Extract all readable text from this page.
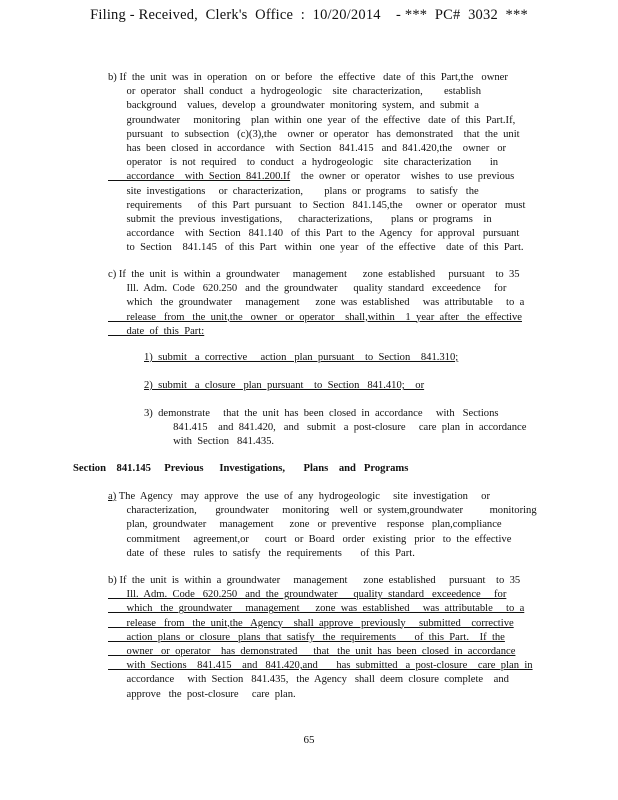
Filing - Received,  Clerk's  Office  :  10/20/2014    - ***  PC#  3032  ***
b) If  the  unit  was  in  operation   on  or  before   the  effective   date  of  this  Part,the   owner
or  operator   shall  conduct   a  hydrogeologic    site  characterization,        establish
background    values,  develop  a  groundwater  monitoring  system,  and  submit  a
groundwater     monitoring    plan  within  one  year  of  the  effective   date  of  this  Part.If,
pursuant   to  subsection   (c)(3),the    owner  or  operator   has  demonstrated    that  the  unit
has  been  closed  in  accordance    with  Section   841.415   and  841.420,the    owner   or
operator   is  not  required    to  conduct   a  hydrogeologic    site  characterization       in
accordance    with  Section  841.200.If    the  owner  or  operator    wishes  to  use  previous
site  investigations     or  characterization,        plans  or  programs    to  satisfy   the
requirements      of  this  Part  pursuant   to  Section   841.145,the     owner  or  operator   must
submit  the  previous  investigations,      characterizations,       plans  or  programs    in
accordance    with  Section   841.140   of  this  Part  to  the  Agency   for  approval   pursuant
to  Section    841.145   of  this  Part   within   one  year   of  the  effective    date  of  this  Part.
c) If  the  unit  is  within  a  groundwater     management      zone  established     pursuant    to  35
Ill.  Adm.  Code   620.250   and  the  groundwater      quality  standard   exceedence     for
which   the  groundwater     management      zone  was  established     was  attributable     to  a
release   from   the  unit,the   owner   or  operator    shall,within    1  year  after   the  effective
date  of  this  Part:
1)  submit   a  corrective     action   plan  pursuant    to  Section    841.310;
2)  submit   a  closure   plan  pursuant    to  Section   841.410;    or
3)  demonstrate     that  the  unit  has  been  closed  in  accordance     with   Sections
841.415    and  841.420,   and   submit   a  post-closure     care  plan  in  accordance
with  Section   841.435.
Section    841.145     Previous      Investigations,       Plans    and   Programs
a) The  Agency   may  approve   the  use  of  any  hydrogeologic     site  investigation     or
characterization,       groundwater     monitoring    well  or  system,groundwater          monitoring
plan,  groundwater     management      zone   or  preventive    response   plan,compliance
commitment     agreement,or      court   or  Board   order   existing   prior   to  the  effective
date  of  these   rules  to  satisfy   the  requirements       of  this  Part.
b) If  the  unit  is  within  a  groundwater     management      zone  established     pursuant    to  35
Ill.  Adm.  Code   620.250   and  the  groundwater      quality  standard   exceedence     for
which   the  groundwater     management      zone  was  established     was  attributable     to  a
release   from   the  unit,the   Agency    shall  approve   previously     submitted    corrective
action  plans  or  closure   plans  that  satisfy   the  requirements       of  this  Part.    If  the
owner   or  operator    has  demonstrated      that   the  unit  has  been  closed  in  accordance
with  Sections    841.415    and   841.420,and       has  submitted   a  post-closure    care  plan  in
accordance     with  Section   841.435,   the  Agency   shall  deem  closure  complete    and
approve   the  post-closure     care  plan.
65
